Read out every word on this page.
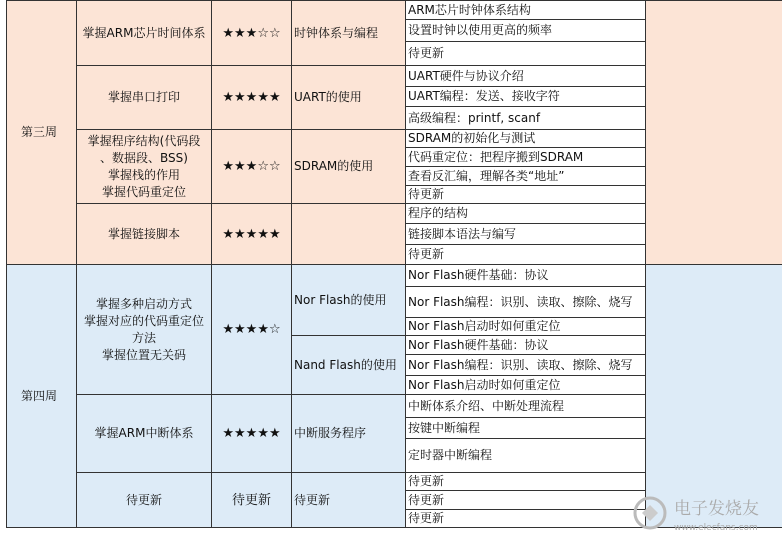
第三周	掌握ARM芯片时间体系	★★★☆☆	时钟体系与编程	ARM芯片时钟体系结构	
				设置时钟以使用更高的频率	
				待更新	

	掌握串口打印	★★★★★	UART的使用	UART硬件与协议介绍	
				UART编程：发送、接收字符	
				高级编程：printf, scanf	

	掌握程序结构(代码段
、数据段、BSS)
掌握栈的作用
掌握代码重定位	★★★☆☆	SDRAM的使用	SDRAM的初始化与测试	
				代码重定位：把程序搬到SDRAM	
				查看反汇编，理解各类“地址”	
				待更新	

	掌握链接脚本	★★★★★		程序的结构	
				链接脚本语法与编写	
				待更新	
第四周	掌握多种启动方式
掌握对应的代码重定位
方法
掌握位置无关码	★★★★☆	Nor Flash的使用	Nor Flash硬件基础：协议	
				Nor Flash编程：识别、读取、擦除、烧写	
				Nor Flash启动时如何重定位	
			Nand Flash的使用	Nor Flash硬件基础：协议	
				Nor Flash编程：识别、读取、擦除、烧写	
				Nor Flash启动时如何重定位	

	掌握ARM中断体系	★★★★★	中断服务程序	中断体系介绍、中断处理流程	
				按键中断编程	
				定时器中断编程	

	待更新	待更新	待更新	待更新	
				待更新	
				待更新		电子发烧友
www.elecfans.com
